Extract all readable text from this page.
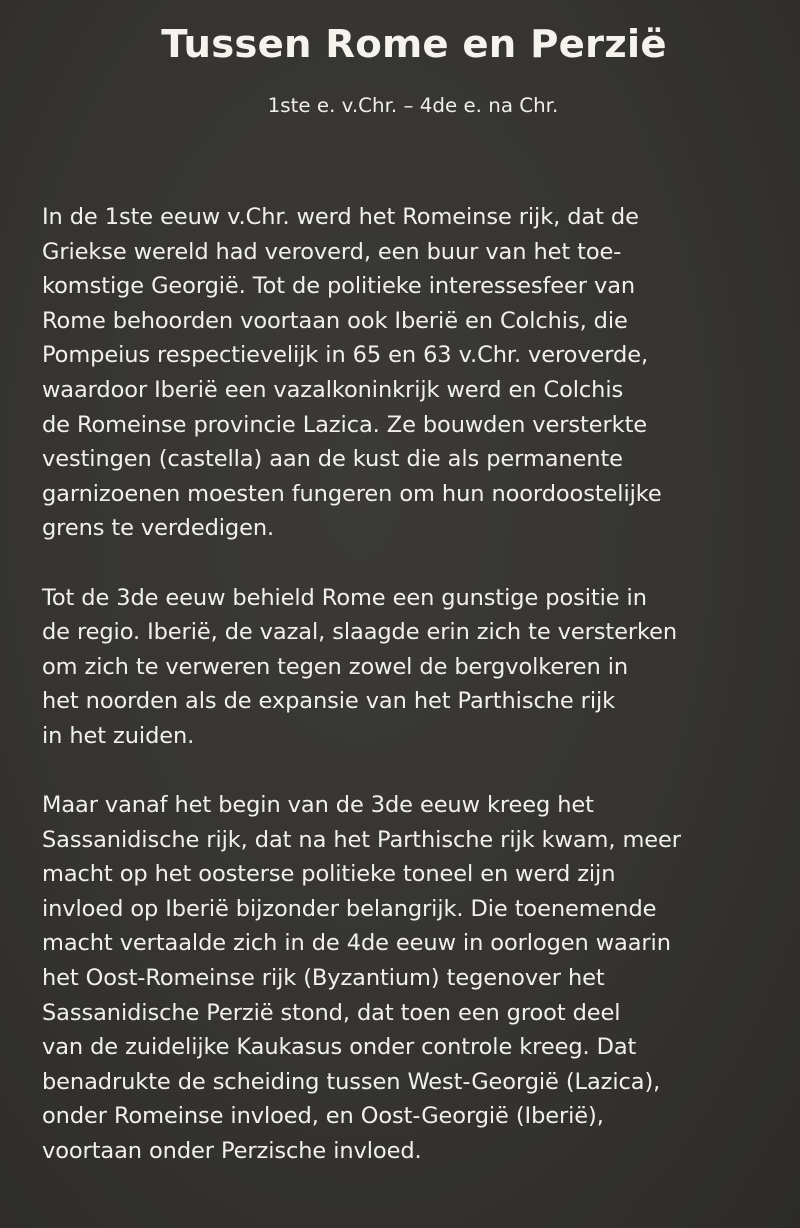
Tussen Rome en Perzië

1ste e. v.Chr. – 4de e. na Chr.

In de 1ste eeuw v.Chr. werd het Romeinse rijk, dat de
Griekse wereld had veroverd, een buur van het toe-
komstige Georgië. Tot de politieke interessesfeer van
Rome behoorden voortaan ook Iberië en Colchis, die
Pompeius respectievelijk in 65 en 63 v.Chr. veroverde,
waardoor Iberië een vazalkoninkrijk werd en Colchis
de Romeinse provincie Lazica. Ze bouwden versterkte
vestingen (castella) aan de kust die als permanente
garnizoenen moesten fungeren om hun noordoostelijke
grens te verdedigen.
Tot de 3de eeuw behield Rome een gunstige positie in
de regio. Iberië, de vazal, slaagde erin zich te versterken
om zich te verweren tegen zowel de bergvolkeren in
het noorden als de expansie van het Parthische rijk
in het zuiden.
Maar vanaf het begin van de 3de eeuw kreeg het
Sassanidische rijk, dat na het Parthische rijk kwam, meer
macht op het oosterse politieke toneel en werd zijn
invloed op Iberië bijzonder belangrijk. Die toenemende
macht vertaalde zich in de 4de eeuw in oorlogen waarin
het Oost-Romeinse rijk (Byzantium) tegenover het
Sassanidische Perzië stond, dat toen een groot deel
van de zuidelijke Kaukasus onder controle kreeg. Dat
benadrukte de scheiding tussen West-Georgië (Lazica),
onder Romeinse invloed, en Oost-Georgië (Iberië),
voortaan onder Perzische invloed.
